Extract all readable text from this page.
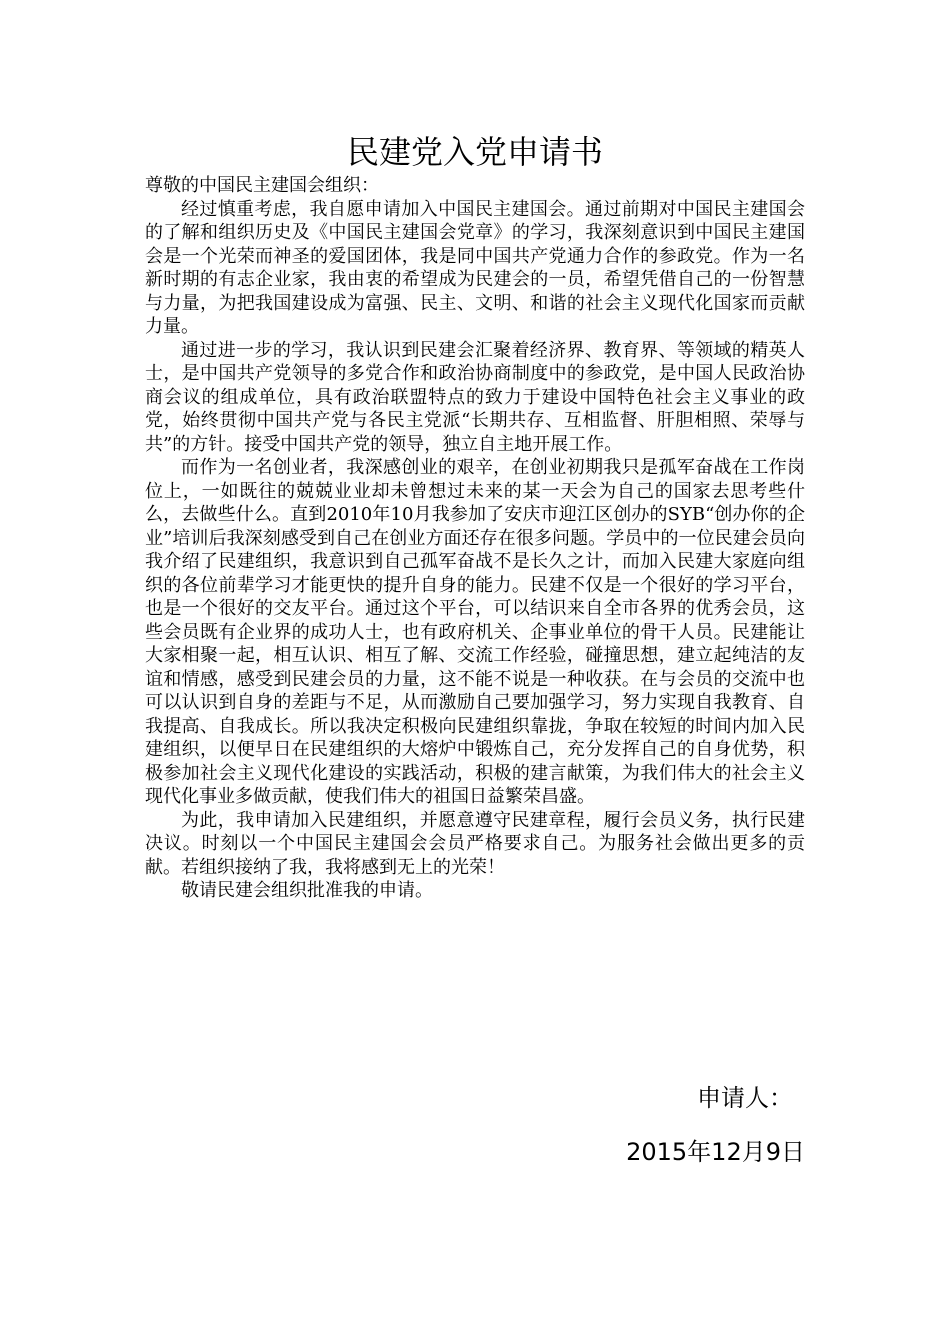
民建党入党申请书

尊敬的中国民主建国会组织：

经过慎重考虑，我自愿申请加入中国民主建国会。通过前期对中国民主建国会的了解和组织历史及《中国民主建国会党章》的学习，我深刻意识到中国民主建国会是一个光荣而神圣的爱国团体，我是同中国共产党通力合作的参政党。作为一名新时期的有志企业家，我由衷的希望成为民建会的一员，希望凭借自己的一份智慧与力量，为把我国建设成为富强、民主、文明、和谐的社会主义现代化国家而贡献力量。

通过进一步的学习，我认识到民建会汇聚着经济界、教育界、等领域的精英人士，是中国共产党领导的多党合作和政治协商制度中的参政党，是中国人民政治协商会议的组成单位，具有政治联盟特点的致力于建设中国特色社会主义事业的政党，始终贯彻中国共产党与各民主党派“长期共存、互相监督、肝胆相照、荣辱与共”的方针。接受中国共产党的领导，独立自主地开展工作。

而作为一名创业者，我深感创业的艰辛，在创业初期我只是孤军奋战在工作岗位上，一如既往的兢兢业业却未曾想过未来的某一天会为自己的国家去思考些什么，去做些什么。直到2010年10月我参加了安庆市迎江区创办的SYB“创办你的企业”培训后我深刻感受到自己在创业方面还存在很多问题。学员中的一位民建会员向我介绍了民建组织，我意识到自己孤军奋战不是长久之计，而加入民建大家庭向组织的各位前辈学习才能更快的提升自身的能力。民建不仅是一个很好的学习平台，也是一个很好的交友平台。通过这个平台，可以结识来自全市各界的优秀会员，这些会员既有企业界的成功人士，也有政府机关、企事业单位的骨干人员。民建能让大家相聚一起，相互认识、相互了解、交流工作经验，碰撞思想，建立起纯洁的友谊和情感，感受到民建会员的力量，这不能不说是一种收获。在与会员的交流中也可以认识到自身的差距与不足，从而激励自己要加强学习，努力实现自我教育、自我提高、自我成长。所以我决定积极向民建组织靠拢，争取在较短的时间内加入民建组织，以便早日在民建组织的大熔炉中锻炼自己，充分发挥自己的自身优势，积极参加社会主义现代化建设的实践活动，积极的建言献策，为我们伟大的社会主义现代化事业多做贡献，使我们伟大的祖国日益繁荣昌盛。

为此，我申请加入民建组织，并愿意遵守民建章程，履行会员义务，执行民建决议。时刻以一个中国民主建国会会员严格要求自己。为服务社会做出更多的贡献。若组织接纳了我，我将感到无上的光荣！

敬请民建会组织批准我的申请。

申请人：

2015年12月9日
